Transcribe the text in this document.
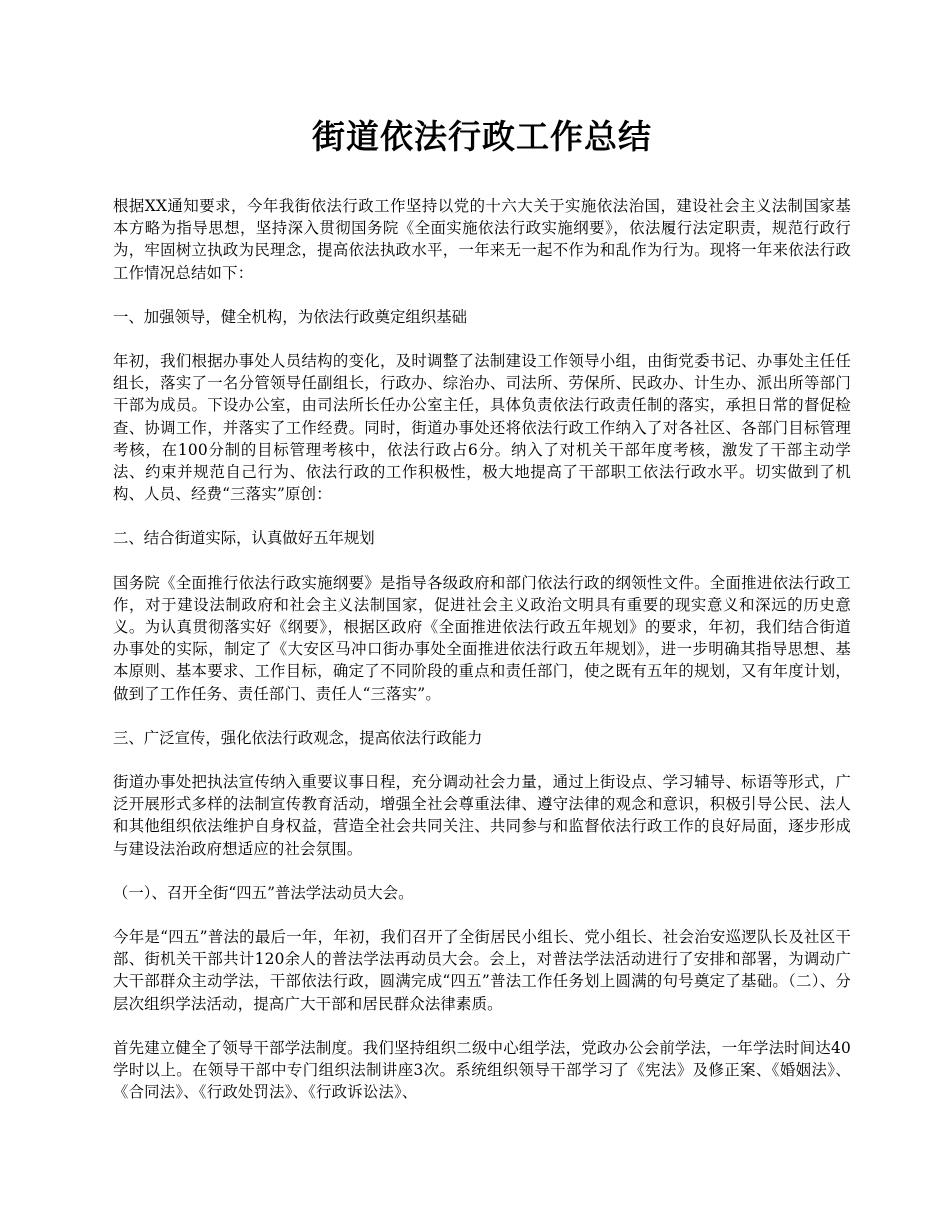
街道依法行政工作总结

根据XX通知要求，今年我街依法行政工作坚持以党的十六大关于实施依法治国，建设社会主义法制国家基本方略为指导思想，坚持深入贯彻国务院《全面实施依法行政实施纲要》，依法履行法定职责，规范行政行为，牢固树立执政为民理念，提高依法执政水平，一年来无一起不作为和乱作为行为。现将一年来依法行政工作情况总结如下：

一、加强领导，健全机构，为依法行政奠定组织基础

年初，我们根据办事处人员结构的变化，及时调整了法制建设工作领导小组，由街党委书记、办事处主任任组长，落实了一名分管领导任副组长，行政办、综治办、司法所、劳保所、民政办、计生办、派出所等部门干部为成员。下设办公室，由司法所长任办公室主任，具体负责依法行政责任制的落实，承担日常的督促检查、协调工作，并落实了工作经费。同时，街道办事处还将依法行政工作纳入了对各社区、各部门目标管理考核，在100分制的目标管理考核中，依法行政占6分。纳入了对机关干部年度考核，激发了干部主动学法、约束并规范自己行为、依法行政的工作积极性，极大地提高了干部职工依法行政水平。切实做到了机构、人员、经费“三落实”原创：

二、结合街道实际，认真做好五年规划

国务院《全面推行依法行政实施纲要》是指导各级政府和部门依法行政的纲领性文件。全面推进依法行政工作，对于建设法制政府和社会主义法制国家，促进社会主义政治文明具有重要的现实意义和深远的历史意义。为认真贯彻落实好《纲要》，根据区政府《全面推进依法行政五年规划》的要求，年初，我们结合街道办事处的实际，制定了《大安区马冲口街办事处全面推进依法行政五年规划》，进一步明确其指导思想、基本原则、基本要求、工作目标，确定了不同阶段的重点和责任部门，使之既有五年的规划，又有年度计划，做到了工作任务、责任部门、责任人“三落实”。

三、广泛宣传，强化依法行政观念，提高依法行政能力

街道办事处把执法宣传纳入重要议事日程，充分调动社会力量，通过上街设点、学习辅导、标语等形式，广泛开展形式多样的法制宣传教育活动，增强全社会尊重法律、遵守法律的观念和意识，积极引导公民、法人和其他组织依法维护自身权益，营造全社会共同关注、共同参与和监督依法行政工作的良好局面，逐步形成与建设法治政府想适应的社会氛围。

（一）、召开全街“四五”普法学法动员大会。

今年是“四五”普法的最后一年，年初，我们召开了全街居民小组长、党小组长、社会治安巡逻队长及社区干部、街机关干部共计120余人的普法学法再动员大会。会上，对普法学法活动进行了安排和部署，为调动广大干部群众主动学法，干部依法行政，圆满完成“四五”普法工作任务划上圆满的句号奠定了基础。（二）、分层次组织学法活动，提高广大干部和居民群众法律素质。

首先建立健全了领导干部学法制度。我们坚持组织二级中心组学法，党政办公会前学法，一年学法时间达40学时以上。在领导干部中专门组织法制讲座3次。系统组织领导干部学习了《宪法》及修正案、《婚姻法》、《合同法》、《行政处罚法》、《行政诉讼法》、
